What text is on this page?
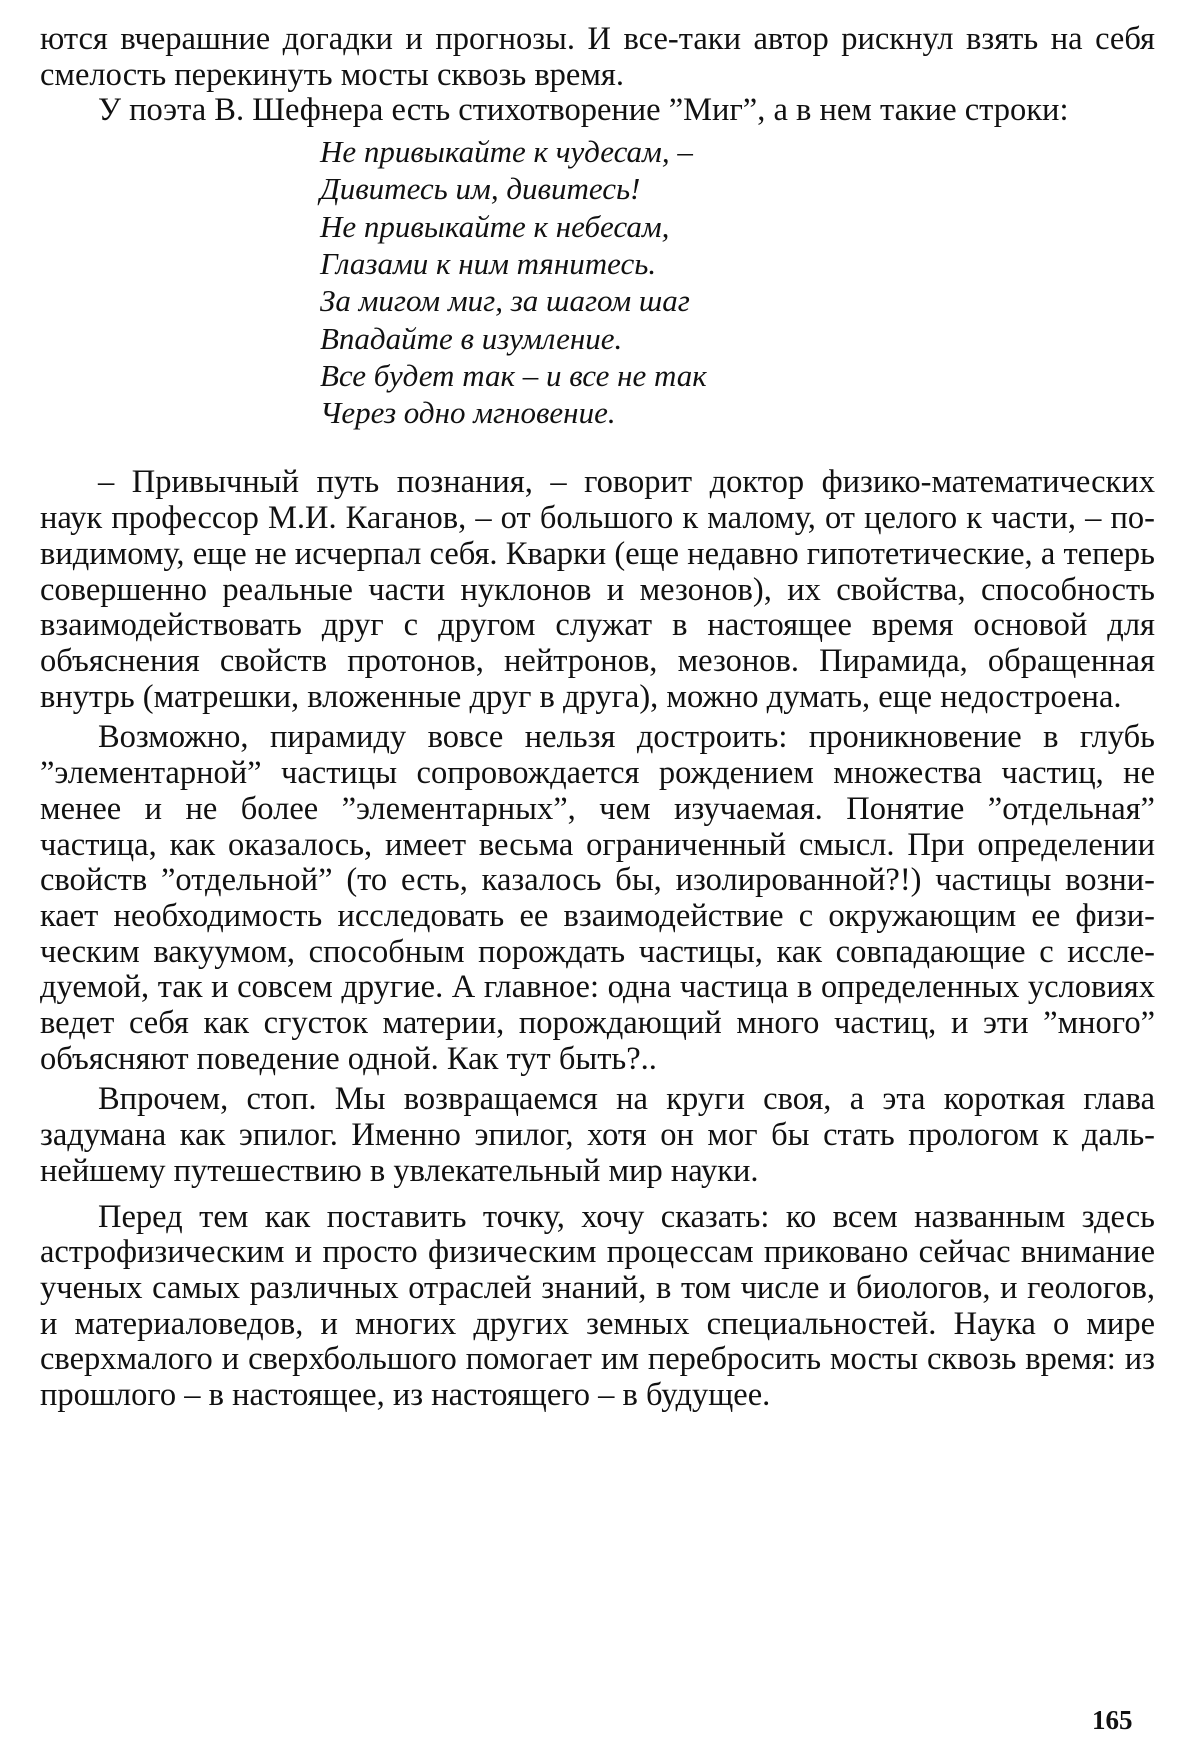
ются вчерашние догадки и прогнозы. И все-таки автор рискнул взять на себя смелость перекинуть мосты сквозь время.

У поэта В. Шефнера есть стихотворение ”Миг”, а в нем такие строки:

Не привыкайте к чудесам, –
Дивитесь им, дивитесь!
Не привыкайте к небесам,
Глазами к ним тянитесь.
За мигом миг, за шагом шаг
Впадайте в изумление.
Все будет так – и все не так
Через одно мгновение.

– Привычный путь познания, – говорит доктор физико-математических наук профессор М.И. Каганов, – от большого к малому, от целого к части, – по-видимому, еще не исчерпал себя. Кварки (еще недавно гипотетические, а теперь совершенно реальные части нуклонов и мезонов), их свойства, способность взаимодействовать друг с другом служат в настоящее время основой для объяснения свойств протонов, нейтронов, мезонов. Пирамида, обращенная внутрь (матрешки, вложенные друг в друга), можно думать, еще недостроена.

Возможно, пирамиду вовсе нельзя достроить: проникновение в глубь ”элементарной” частицы сопровождается рождением множества частиц, не менее и не более ”элементарных”, чем изучаемая. Понятие ”отдельная” частица, как оказалось, имеет весьма ограниченный смысл. При определении свойств ”отдельной” (то есть, казалось бы, изолированной?!) частицы возникает необходимость исследовать ее взаимодействие с окружающим ее физическим вакуумом, способным порождать частицы, как совпадающие с исследуемой, так и совсем другие. А главное: одна частица в определенных условиях ведет себя как сгусток материи, порождающий много частиц, и эти ”много” объясняют поведение одной. Как тут быть?..

Впрочем, стоп. Мы возвращаемся на круги своя, а эта короткая глава задумана как эпилог. Именно эпилог, хотя он мог бы стать прологом к дальнейшему путешествию в увлекательный мир науки.

Перед тем как поставить точку, хочу сказать: ко всем названным здесь астрофизическим и просто физическим процессам приковано сейчас внимание ученых самых различных отраслей знаний, в том числе и биологов, и геологов, и материаловедов, и многих других земных специальностей. Наука о мире сверхмалого и сверхбольшого помогает им перебросить мосты сквозь время: из прошлого – в настоящее, из настоящего – в будущее.

165
